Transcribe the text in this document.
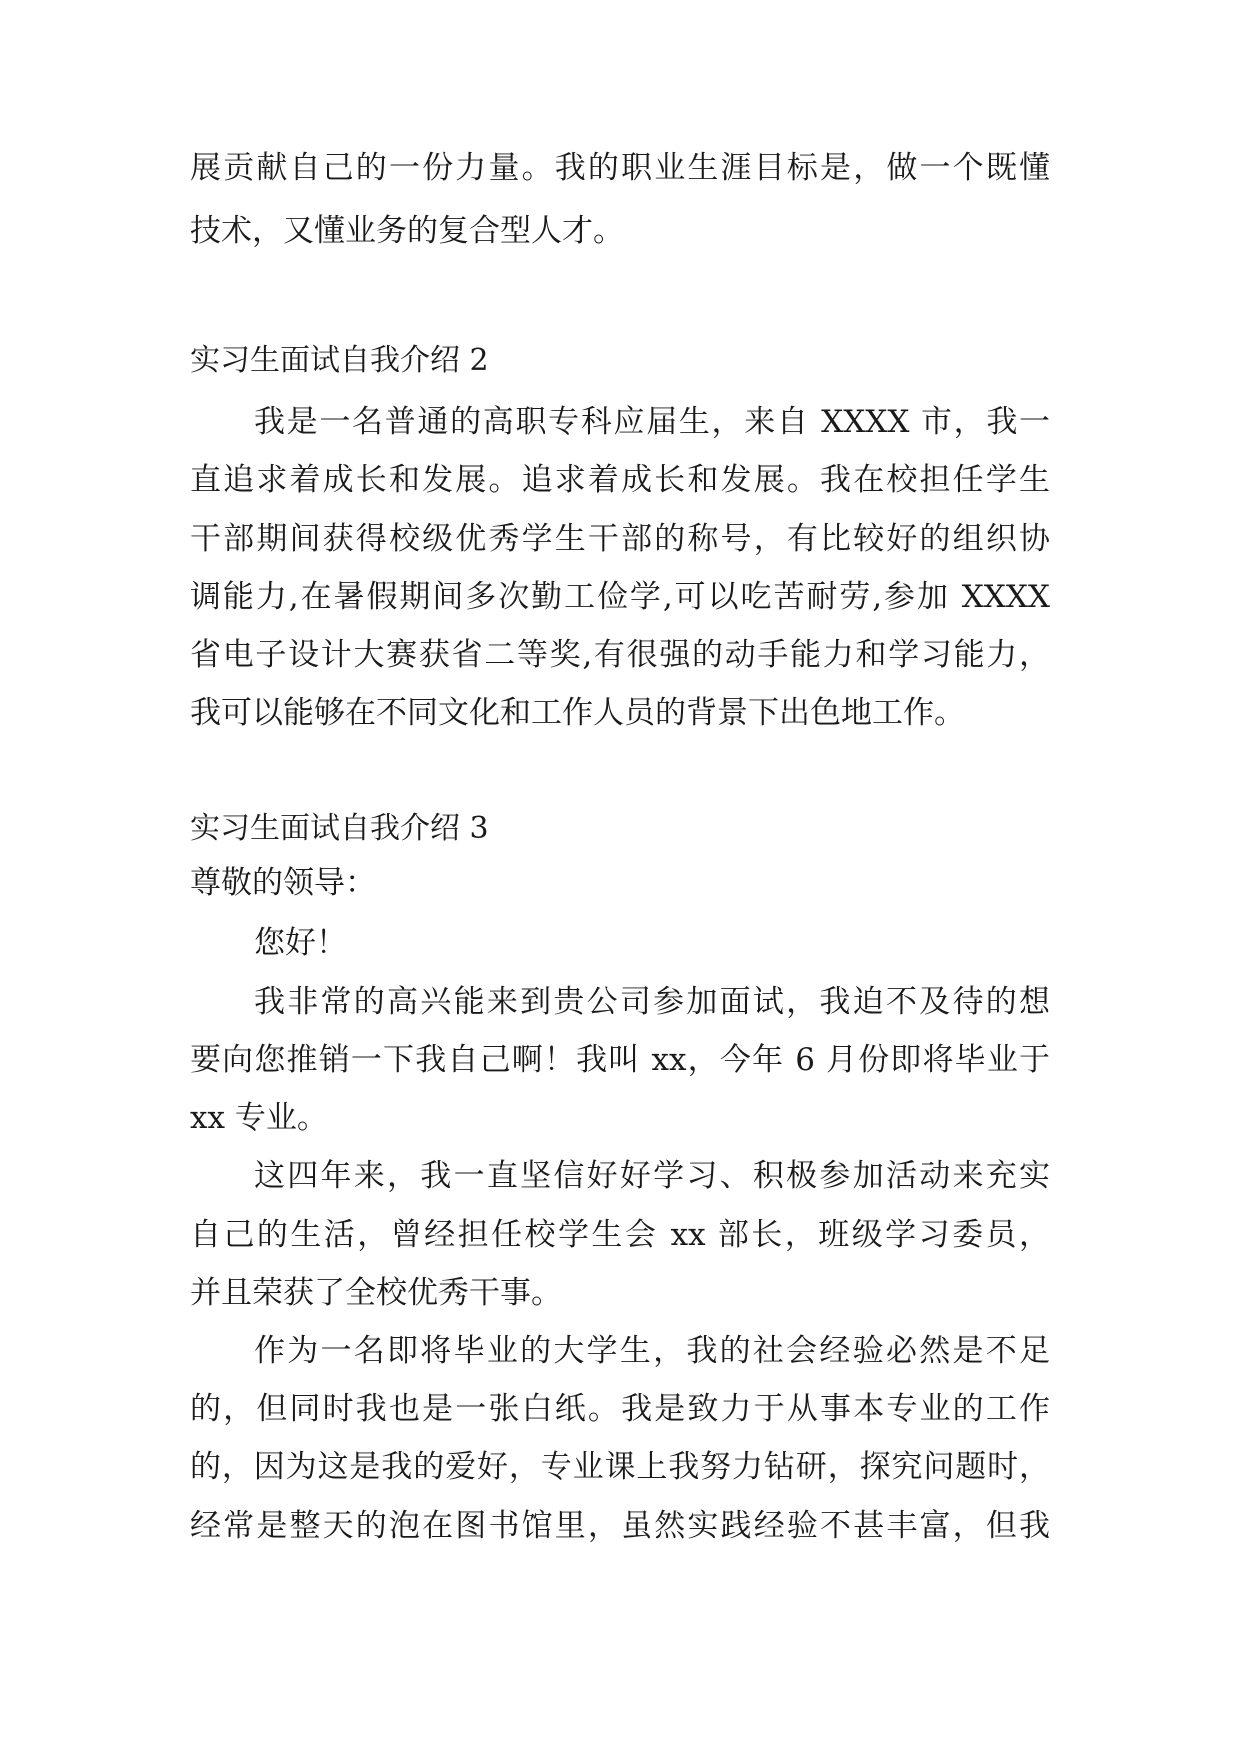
展贡献自己的一份力量。我的职业生涯目标是，做一个既懂
技术，又懂业务的复合型人才。
实习生面试自我介绍 2
我是一名普通的高职专科应届生，来自 XXXX 市，我一
直追求着成长和发展。追求着成长和发展。我在校担任学生
干部期间获得校级优秀学生干部的称号，有比较好的组织协
调能力,在暑假期间多次勤工俭学,可以吃苦耐劳,参加 XXXX
省电子设计大赛获省二等奖,有很强的动手能力和学习能力，
我可以能够在不同文化和工作人员的背景下出色地工作。
实习生面试自我介绍 3
尊敬的领导：
您好！
我非常的高兴能来到贵公司参加面试，我迫不及待的想
要向您推销一下我自己啊！我叫 xx，今年 6 月份即将毕业于
xx 专业。
这四年来，我一直坚信好好学习、积极参加活动来充实
自己的生活，曾经担任校学生会 xx 部长，班级学习委员，
并且荣获了全校优秀干事。
作为一名即将毕业的大学生，我的社会经验必然是不足
的，但同时我也是一张白纸。我是致力于从事本专业的工作
的，因为这是我的爱好，专业课上我努力钻研，探究问题时，
经常是整天的泡在图书馆里，虽然实践经验不甚丰富，但我
